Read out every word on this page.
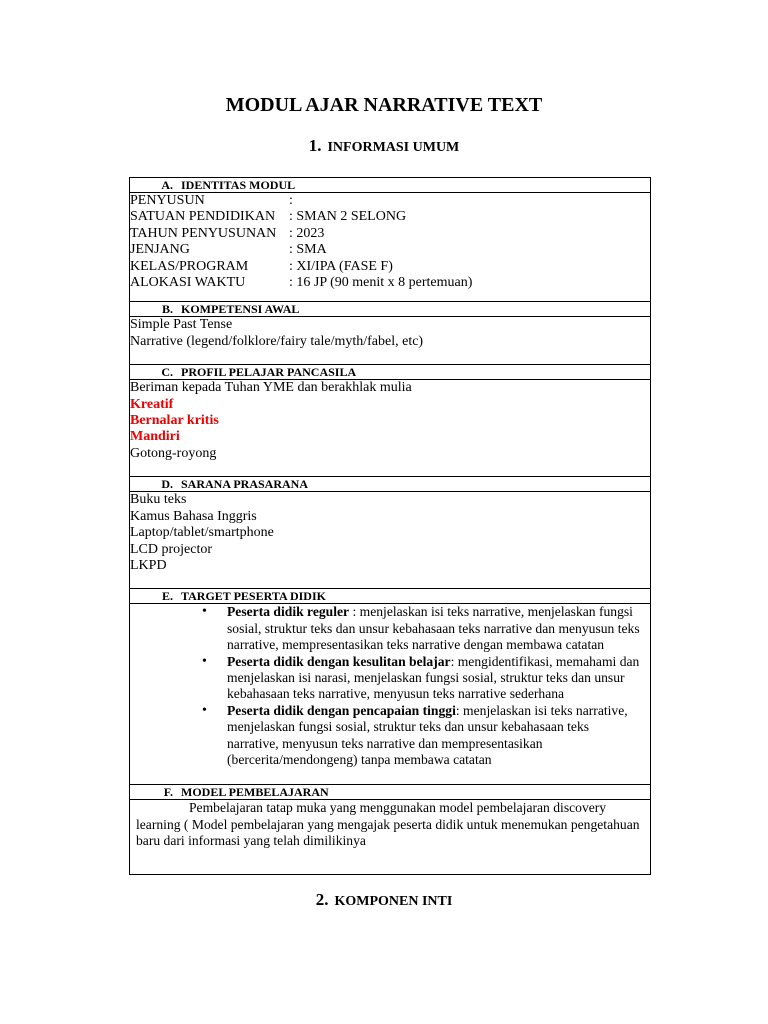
MODUL AJAR NARRATIVE TEXT
1. INFORMASI UMUM
A. IDENTITAS MODUL

PENYUSUN	:
SATUAN PENDIDIKAN : SMAN 2 SELONG
TAHUN PENYUSUNAN : 2023
JENJANG	: SMA
KELAS/PROGRAM	: XI/IPA (FASE F)
ALOKASI WAKTU	: 16 JP (90 menit x 8 pertemuan)

B. KOMPETENSI AWAL

Simple Past Tense
Narrative (legend/folklore/fairy tale/myth/fabel, etc)

C. PROFIL PELAJAR PANCASILA

Beriman kepada Tuhan YME dan berakhlak mulia
Kreatif
Bernalar kritis
Mandiri
Gotong-royong

D. SARANA PRASARANA

Buku teks
Kamus Bahasa Inggris
Laptop/tablet/smartphone
LCD projector
LKPD

E. TARGET PESERTA DIDIK

• Peserta didik reguler : menjelaskan isi teks narrative, menjelaskan fungsi sosial, struktur teks dan unsur kebahasaan teks narrative dan menyusun teks narrative, mempresentasikan teks narrative dengan membawa catatan
• Peserta didik dengan kesulitan belajar: mengidentifikasi, memahami dan menjelaskan isi narasi, menjelaskan fungsi sosial, struktur teks dan unsur kebahasaan teks narrative, menyusun teks narrative sederhana
• Peserta didik dengan pencapaian tinggi: menjelaskan isi teks narrative, menjelaskan fungsi sosial, struktur teks dan unsur kebahasaan teks narrative, menyusun teks narrative dan mempresentasikan (bercerita/mendongeng) tanpa membawa catatan

F. MODEL PEMBELAJARAN

Pembelajaran tatap muka yang menggunakan model pembelajaran discovery learning ( Model pembelajaran yang mengajak peserta didik untuk menemukan pengetahuan baru dari informasi yang telah dimilikinya
2. KOMPONEN INTI
